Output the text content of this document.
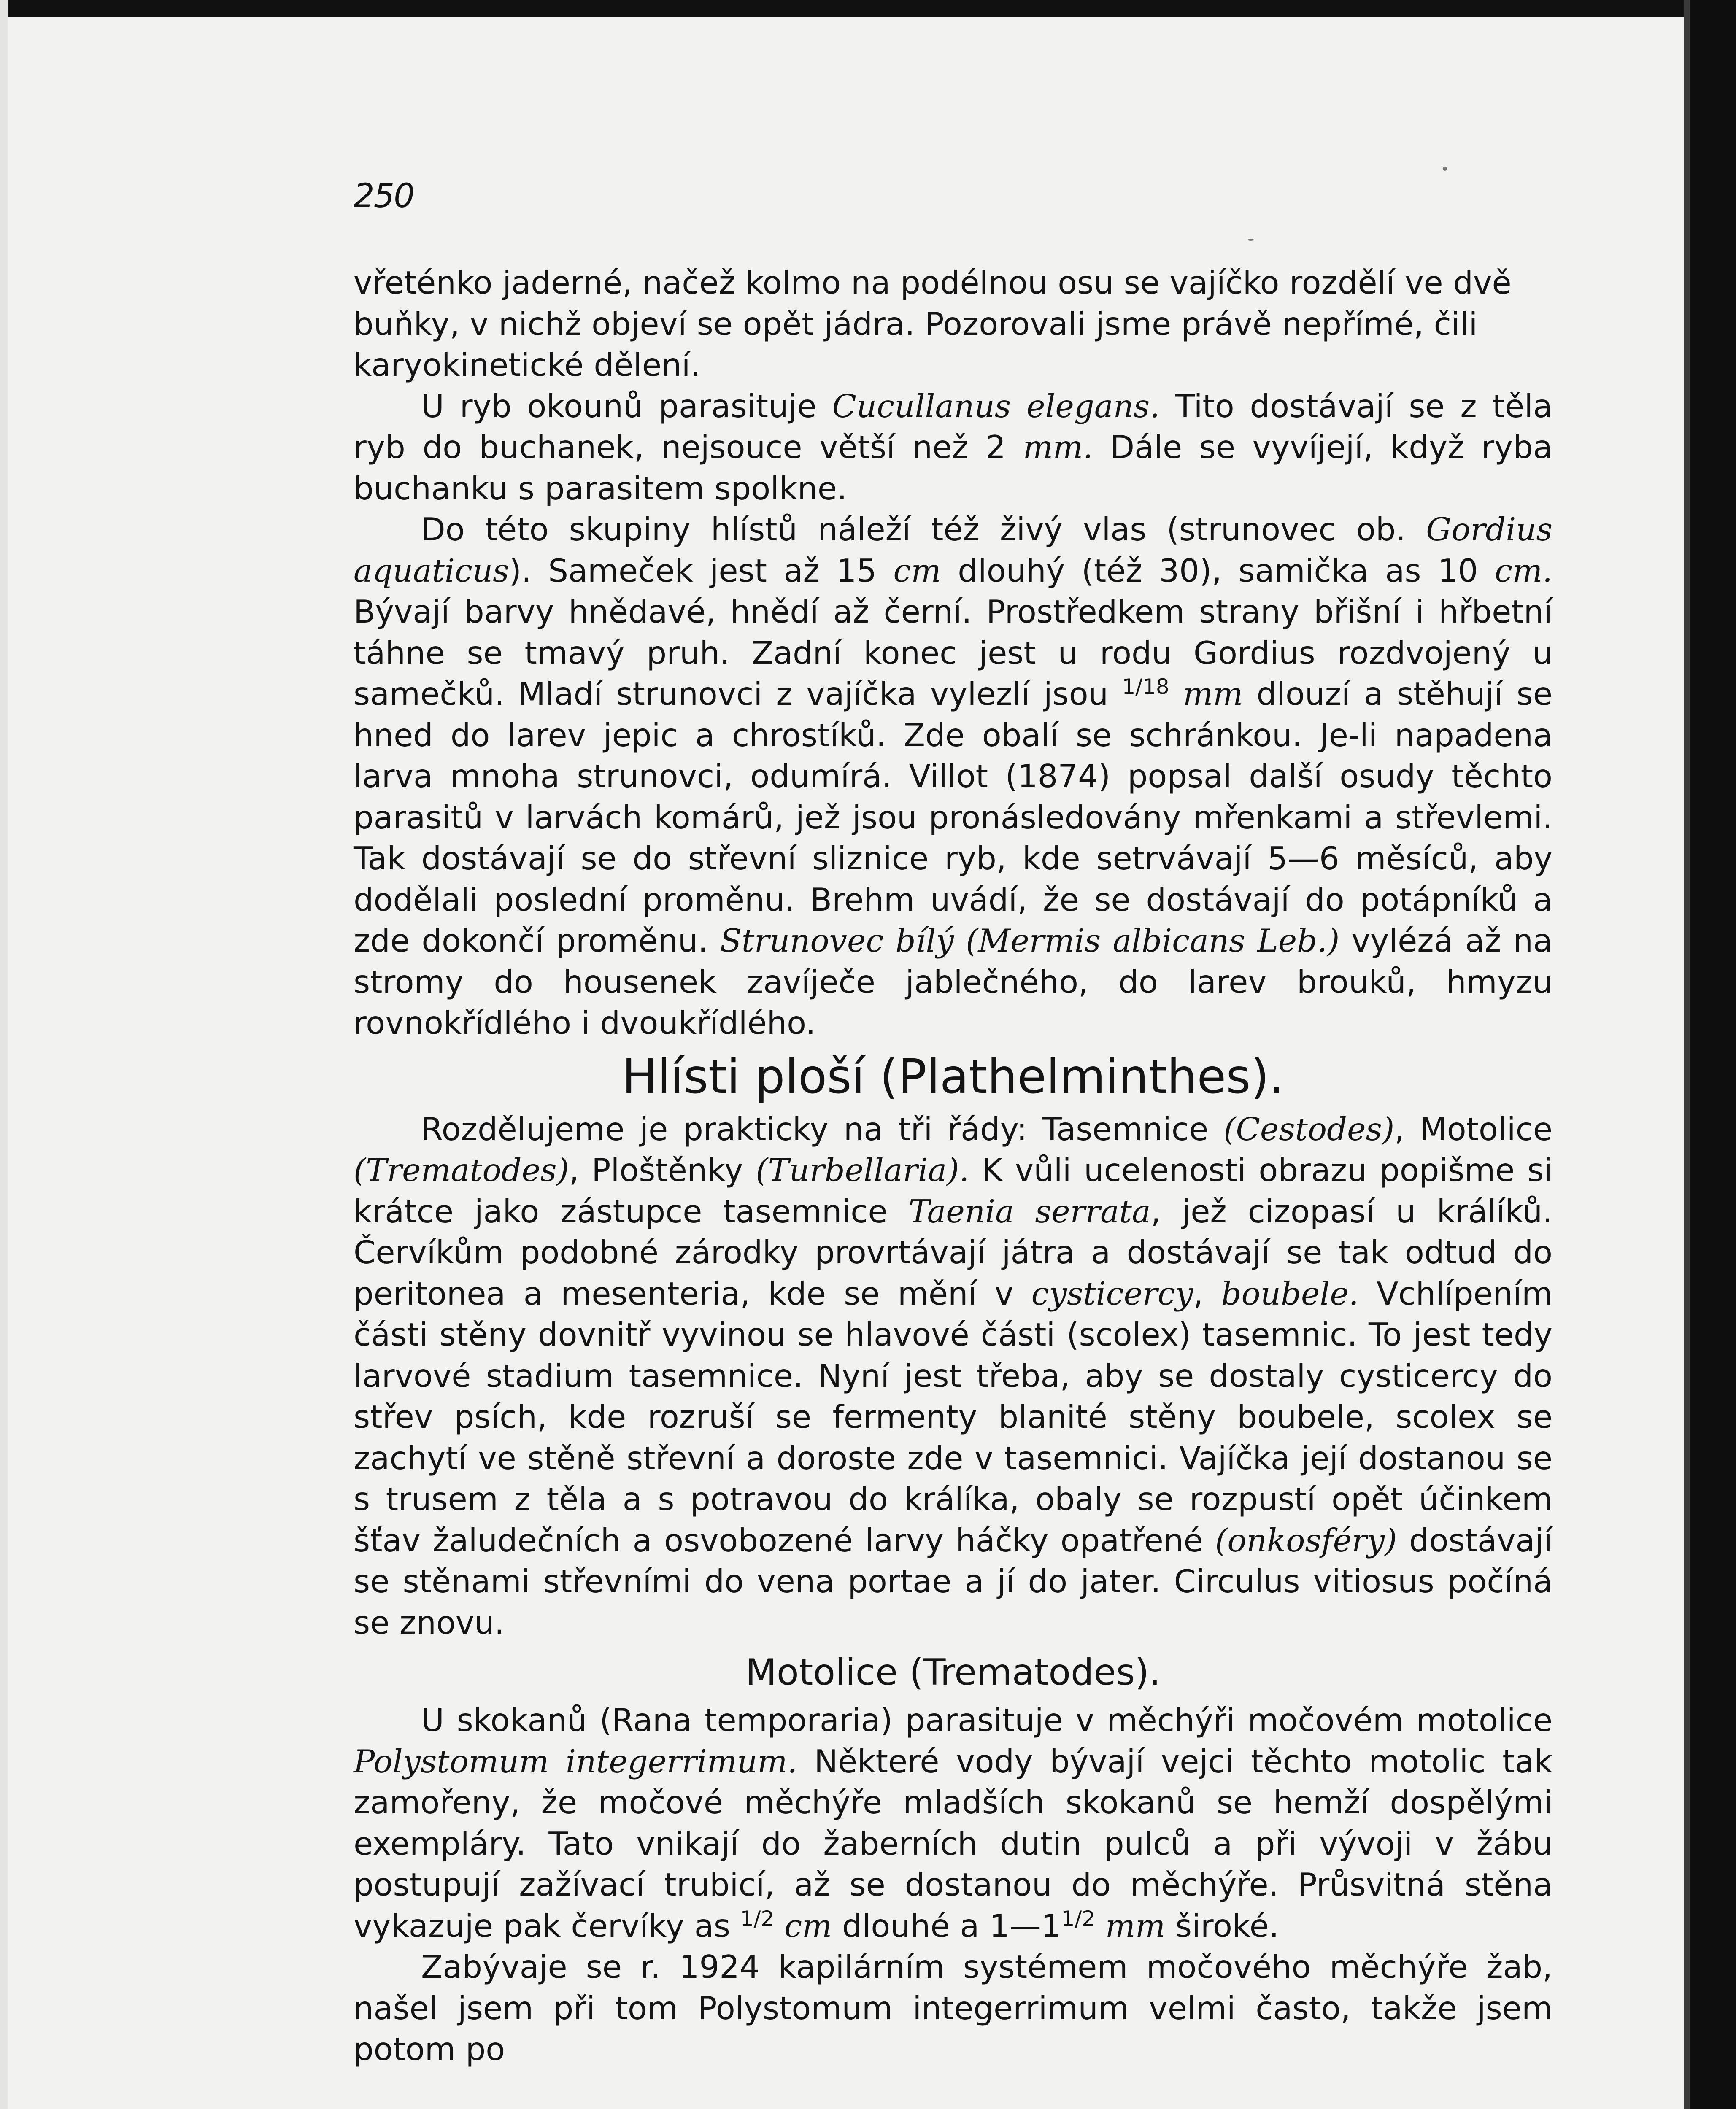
250

vřeténko jaderné, načež kolmo na podélnou osu se vajíčko rozdělí ve dvě
buňky, v nichž objeví se opět jádra. Pozorovali jsme právě nepřímé, čili
karyokinetické dělení.

U ryb okounů parasituje Cucullanus elegans. Tito dostávají se z těla ryb do buchanek, nejsouce větší než 2 mm. Dále se vyvíjejí, když ryba buchanku s parasitem spolkne.

Do této skupiny hlístů náleží též živý vlas (strunovec ob. Gordius aquaticus). Sameček jest až 15 cm dlouhý (též 30), samička as 10 cm. Bývají barvy hnědavé, hnědí až černí. Prostředkem strany břišní i hřbetní táhne se tmavý pruh. Zadní konec jest u rodu Gordius rozdvojený u samečků. Mladí strunovci z vajíčka vylezlí jsou $^{1/18}$ mm dlouzí a stěhují se hned do larev jepic a chrostíků. Zde obalí se schránkou. Je-li napadena larva mnoha strunovci, odumírá. Villot (1874) popsal další osudy těchto parasitů v larvách komárů, jež jsou pronásledovány mřenkami a střevlemi. Tak dostávají se do střevní sliznice ryb, kde setrvávají 5—6 měsíců, aby dodělali poslední proměnu. Brehm uvádí, že se dostávají do potápníků a zde dokončí proměnu. Strunovec bílý (Mermis albicans Leb.) vylézá až na stromy do housenek zavíječe jablečného, do larev brouků, hmyzu rovnokřídlého i dvoukřídlého.

Hlísti ploší (Plathelminthes).

Rozdělujeme je prakticky na tři řády: Tasemnice (Cestodes), Motolice (Trematodes), Ploštěnky (Turbellaria). K vůli ucelenosti obrazu popišme si krátce jako zástupce tasemnice Taenia serrata, jež cizopasí u králíků. Červíkům podobné zárodky provrtávají játra a dostávají se tak odtud do peritonea a mesenteria, kde se mění v cysticercy, boubele. Vchlípením části stěny dovnitř vyvinou se hlavové části (scolex) tasemnic. To jest tedy larvové stadium tasemnice. Nyní jest třeba, aby se dostaly cysticercy do střev psích, kde rozruší se fermenty blanité stěny boubele, scolex se zachytí ve stěně střevní a doroste zde v tasemnici. Vajíčka její dostanou se s trusem z těla a s potravou do králíka, obaly se rozpustí opět účinkem šťav žaludečních a osvobozené larvy háčky opatřené (onkosféry) dostávají se stěnami střevními do vena portae a jí do jater. Circulus vitiosus počíná se znovu.

Motolice (Trematodes).

U skokanů (Rana temporaria) parasituje v měchýři močovém motolice Polystomum integerrimum. Některé vody bývají vejci těchto motolic tak zamořeny, že močové měchýře mladších skokanů se hemží dospělými exempláry. Tato vnikají do žaberních dutin pulců a při vývoji v žábu postupují zažívací trubicí, až se dostanou do měchýře. Průsvitná stěna vykazuje pak červíky as $^{1/2}$ cm dlouhé a $1—1^{1/2}$ mm široké.

Zabývaje se r. 1924 kapilárním systémem močového měchýře žab, našel jsem při tom Polystomum integerrimum velmi často, takže jsem potom po
